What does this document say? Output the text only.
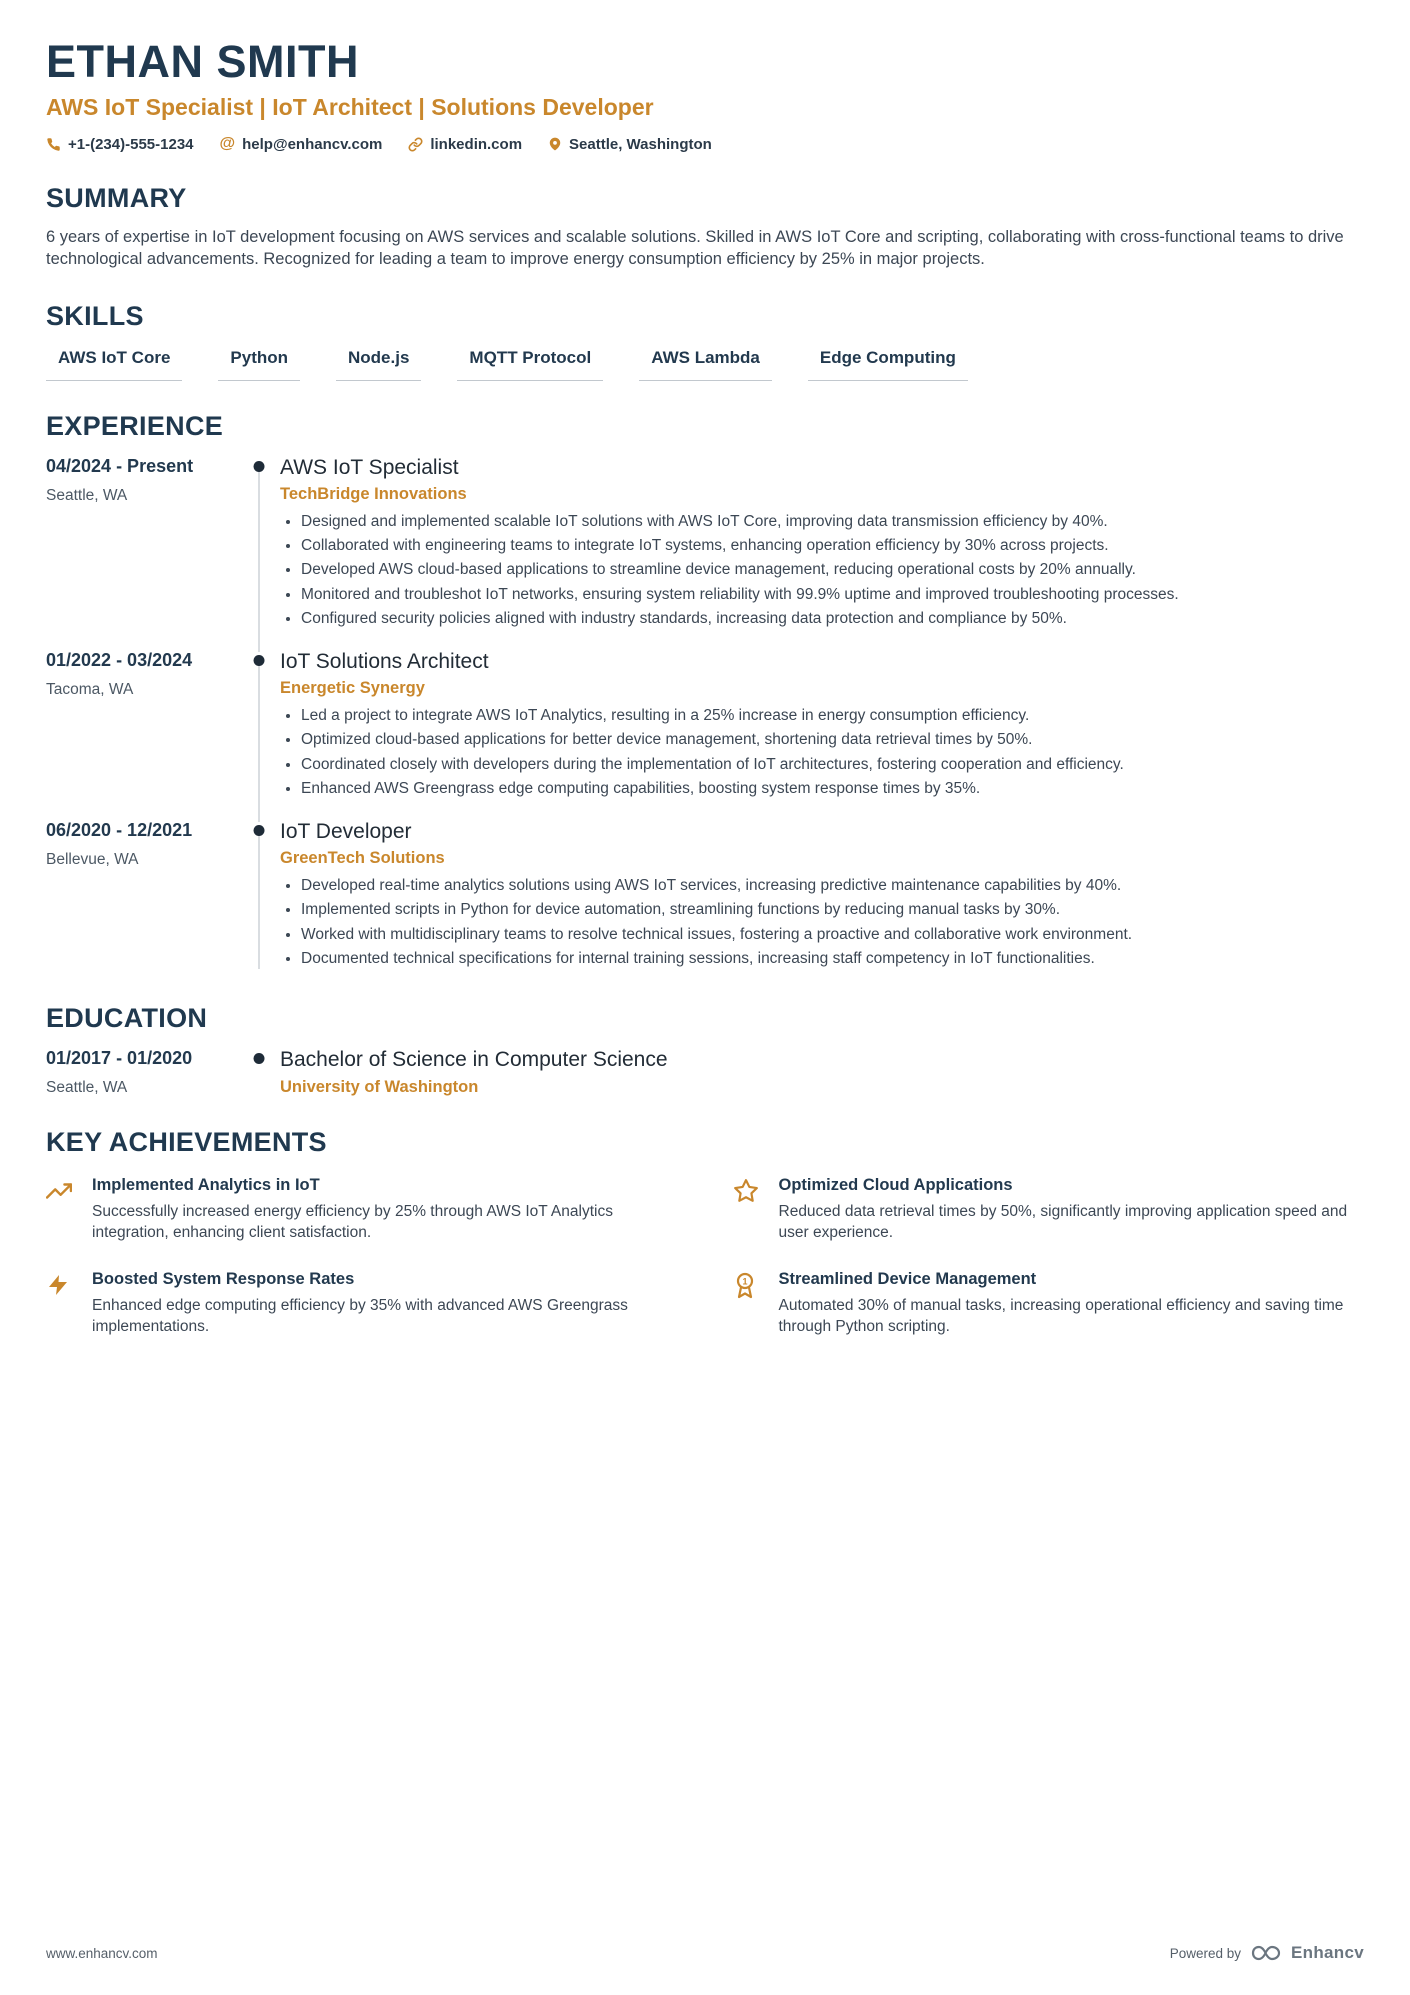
ETHAN SMITH
AWS IoT Specialist | IoT Architect | Solutions Developer
+1-(234)-555-1234 @ help@enhancv.com	linkedin.com	Seattle, Washington
SUMMARY

6 years of expertise in IoT development focusing on AWS services and scalable solutions. Skilled in AWS IoT Core and scripting, collaborating with cross-functional teams to drive technological advancements. Recognized for leading a team to improve energy consumption efficiency by 25% in major projects.

SKILLS
AWS IoT Core	Python	Node.js	MQTT Protocol	AWS Lambda	Edge Computing
EXPERIENCE
04/2024 - Present
Seattle, WA
AWS IoT Specialist
TechBridge Innovations
• Designed and implemented scalable IoT solutions with AWS IoT Core, improving data transmission efficiency by 40%.
• Collaborated with engineering teams to integrate IoT systems, enhancing operation efficiency by 30% across projects.
• Developed AWS cloud-based applications to streamline device management, reducing operational costs by 20% annually.
• Monitored and troubleshot IoT networks, ensuring system reliability with 99.9% uptime and improved troubleshooting processes.
• Configured security policies aligned with industry standards, increasing data protection and compliance by 50%.
01/2022 - 03/2024
Tacoma, WA
IoT Solutions Architect
Energetic Synergy
• Led a project to integrate AWS IoT Analytics, resulting in a 25% increase in energy consumption efficiency.
• Optimized cloud-based applications for better device management, shortening data retrieval times by 50%.
• Coordinated closely with developers during the implementation of IoT architectures, fostering cooperation and efficiency.
• Enhanced AWS Greengrass edge computing capabilities, boosting system response times by 35%.
06/2020 - 12/2021
Bellevue, WA
IoT Developer
GreenTech Solutions
• Developed real-time analytics solutions using AWS IoT services, increasing predictive maintenance capabilities by 40%.
• Implemented scripts in Python for device automation, streamlining functions by reducing manual tasks by 30%.
• Worked with multidisciplinary teams to resolve technical issues, fostering a proactive and collaborative work environment.
• Documented technical specifications for internal training sessions, increasing staff competency in IoT functionalities.
EDUCATION
01/2017 - 01/2020
Seattle, WA
Bachelor of Science in Computer Science
University of Washington
KEY ACHIEVEMENTS
Implemented Analytics in IoT
Successfully increased energy efficiency by 25% through AWS IoT Analytics integration, enhancing client satisfaction.
Optimized Cloud Applications
Reduced data retrieval times by 50%, significantly improving application speed and user experience.
Boosted System Response Rates
Enhanced edge computing efficiency by 35% with advanced AWS Greengrass implementations.
1 Streamlined Device Management
Automated 30% of manual tasks, increasing operational efficiency and saving time through Python scripting.
www.enhancv.com	Powered by	Enhancv
